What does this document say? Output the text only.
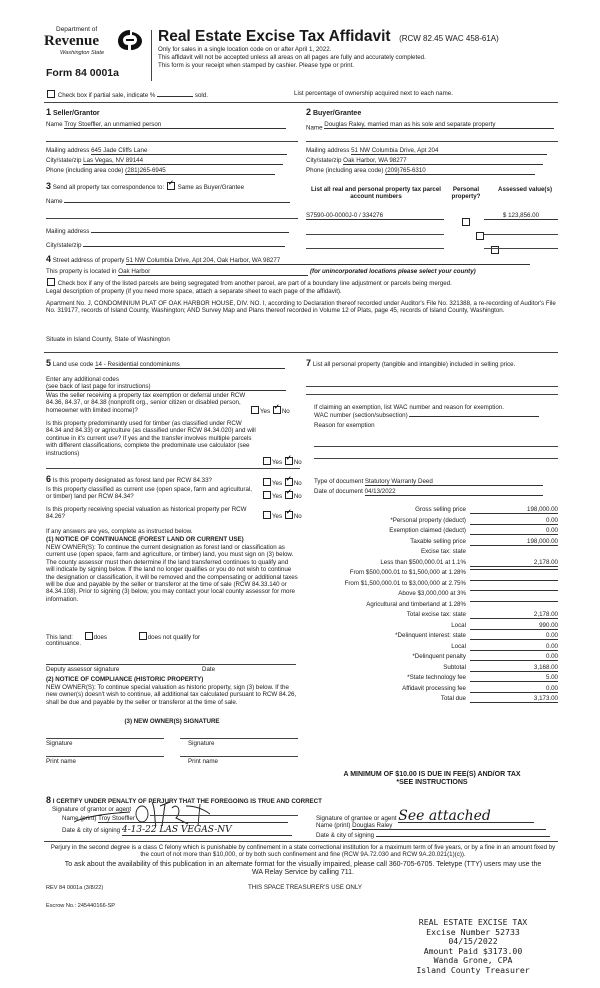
Department of
Revenue
Washington State
Form 84 0001a
Real Estate Excise Tax Affidavit (RCW 82.45 WAC 458-61A)
Only for sales in a single location code on or after April 1, 2022.
This affidavit will not be accepted unless all areas on all pages are fully and accurately completed.
This form is your receipt when stamped by cashier. Please type or print.
Check box if partial sale, indicate %	sold.	List percentage of ownership acquired next to each name.
1 Seller/Grantor
Name Troy Stoeffler, an unmarried person
Mailing address 645 Jade Cliffs Lane
City/state/zip Las Vegas, NV 89144
Phone (including area code) (281)265-6945
2 Buyer/Grantee
Name Douglas Raley, married man as his sole and separate property
Mailing address 51 NW Columbia Drive, Apt 204
City/state/zip Oak Harbor, WA 98277
Phone (including area code) (209)765-6310
3 Send all property tax correspondence to: ✓ Same as Buyer/Grantee
Name
Mailing address
City/state/zip
List all real and personal property tax parcel account numbers
Personal property?
Assessed value(s)
S7590-00-0000J-0 / 334276
	$ 123,856.00

4 Street address of property 51 NW Columbia Drive, Apt 204, Oak Harbor, WA 98277
This property is located in Oak Harbor	(for unincorporated locations please select your county)
Check box if any of the listed parcels are being segregated from another parcel, are part of a boundary line adjustment or parcels being merged.
Legal description of property (if you need more space, attach a separate sheet to each page of the affidavit).
Apartment No. J, CONDOMINIUM PLAT OF OAK HARBOR HOUSE, DIV. NO. I, according to Declaration thereof recorded under Auditor's File No. 321388, a re-recording of Auditor's File No. 319177, records of Island County, Washington; AND Survey Map and Plans thereof recorded in Volume 12 of Plats, page 45, records of Island County, Washington.
Situate in Island County, State of Washington
5 Land use code 14 - Residential condominiums
Enter any additional codes
(see back of last page for instructions)
Was the seller receiving a property tax exemption or deferral under RCW 84.36, 84.37, or 84.38 (nonprofit org., senior citizen or disabled person, homeowner with limited income)?	Yes ✓ No
Is this property predominantly used for timber (as classified under RCW 84.34 and 84.33) or agriculture (as classified under RCW 84.34.020) and will continue in it's current use? If yes and the transfer involves multiple parcels with different classifications, complete the predominate use calculator (see instructions)
Yes ✓ No
7 List all personal property (tangible and intangible) included in selling price.
If claiming an exemption, list WAC number and reason for exemption.
WAC number (section/subsection)
Reason for exemption
6 Is this property designated as forest land per RCW 84.33?	Yes ✓ No
Is this property classified as current use (open space, farm and agricultural, or timber) land per RCW 84.34?	Yes ✓ No
Is this property receiving special valuation as historical property per RCW 84.26?	Yes ✓ No
If any answers are yes, complete as instructed below.
(1) NOTICE OF CONTINUANCE (FOREST LAND OR CURRENT USE)
NEW OWNER(S): To continue the current designation as forest land or classification as current use (open space, farm and agriculture, or timber) land, you must sign on (3) below. The county assessor must then determine if the land transferred continues to qualify and will indicate by signing below. If the land no longer qualifies or you do not wish to continue the designation or classification, it will be removed and the compensating or additional taxes will be due and payable by the seller or transferor at the time of sale (RCW 84.33.140 or 84.34.108). Prior to signing (3) below, you may contact your local county assessor for more information.
This land:	does	does not qualify for
continuance.
Deputy assessor signature	Date
(2) NOTICE OF COMPLIANCE (HISTORIC PROPERTY)
NEW OWNER(S): To continue special valuation as historic property, sign (3) below. If the new owner(s) doesn't wish to continue, all additional tax calculated pursuant to RCW 84.26, shall be due and payable by the seller or transferor at the time of sale.
(3) NEW OWNER(S) SIGNATURE
Signature	Signature
Print name	Print name
Type of document Statutory Warranty Deed
Date of document 04/13/2022
Gross selling price	198,000.00
*Personal property (deduct)	0.00
Exemption claimed (deduct)	0.00
Taxable selling price	198,000.00
Excise tax: state
Less than $500,000.01 at 1.1%	2,178.00
From $500,000.01 to $1,500,000 at 1.28%
From $1,500,000.01 to $3,000,000 at 2.75%
Above $3,000,000 at 3%
Agricultural and timberland at 1.28%
Total excise tax: state	2,178.00
Local	990.00
*Delinquent interest: state	0.00
Local	0.00
*Delinquent penalty	0.00
Subtotal	3,168.00
*State technology fee	5.00
Affidavit processing fee	0.00
Total due	3,173.00
A MINIMUM OF $10.00 IS DUE IN FEE(S) AND/OR TAX
*SEE INSTRUCTIONS
8 I CERTIFY UNDER PENALTY OF PERJURY THAT THE FOREGOING IS TRUE AND CORRECT
Signature of grantor or agent
Name (print) Troy Stoeffler
Date & city of signing 4-13-22 LAS VEGAS-NV
Signature of grantee or agent See attached
Name (print) Douglas Raley
Date & city of signing
Perjury in the second degree is a class C felony which is punishable by confinement in a state correctional institution for a maximum term of five years, or by a fine in an amount fixed by the court of not more than $10,000, or by both such confinement and fine (RCW 9A.72.030 and RCW 9A.20.021(1)(c)).
To ask about the availability of this publication in an alternate format for the visually impaired, please call 360-705-6705. Teletype (TTY) users may use the WA Relay Service by calling 711.
REV 84 0001a (3/8/22)	THIS SPACE TREASURER'S USE ONLY
Escrow No.: 245440166-SP
REAL ESTATE EXCISE TAX
Excise Number 52733
04/15/2022
Amount Paid $3173.00
Wanda Grone, CPA
Island County Treasurer
